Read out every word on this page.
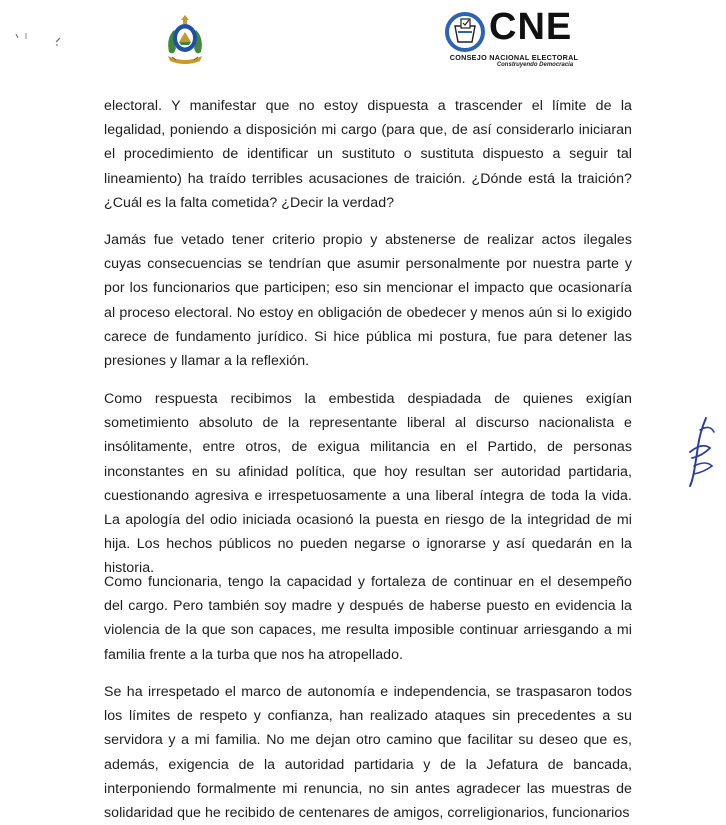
CNE
CONSEJO NACIONAL ELECTORAL
Construyendo Democracia

electoral. Y manifestar que no estoy dispuesta a trascender el límite de la legalidad, poniendo a disposición mi cargo (para que, de así considerarlo iniciaran el procedimiento de identificar un sustituto o sustituta dispuesto a seguir tal lineamiento) ha traído terribles acusaciones de traición. ¿Dónde está la traición? ¿Cuál es la falta cometida? ¿Decir la verdad?

Jamás fue vetado tener criterio propio y abstenerse de realizar actos ilegales cuyas consecuencias se tendrían que asumir personalmente por nuestra parte y por los funcionarios que participen; eso sin mencionar el impacto que ocasionaría al proceso electoral. No estoy en obligación de obedecer y menos aún si lo exigido carece de fundamento jurídico. Si hice pública mi postura, fue para detener las presiones y llamar a la reflexión.

Como respuesta recibimos la embestida despiadada de quienes exigían sometimiento absoluto de la representante liberal al discurso nacionalista e insólitamente, entre otros, de exigua militancia en el Partido, de personas inconstantes en su afinidad política, que hoy resultan ser autoridad partidaria, cuestionando agresiva e irrespetuosamente a una liberal íntegra de toda la vida. La apología del odio iniciada ocasionó la puesta en riesgo de la integridad de mi hija. Los hechos públicos no pueden negarse o ignorarse y así quedarán en la historia.

Como funcionaria, tengo la capacidad y fortaleza de continuar en el desempeño del cargo. Pero también soy madre y después de haberse puesto en evidencia la violencia de la que son capaces, me resulta imposible continuar arriesgando a mi familia frente a la turba que nos ha atropellado.

Se ha irrespetado el marco de autonomía e independencia, se traspasaron todos los límites de respeto y confianza, han realizado ataques sin precedentes a su servidora y a mi familia. No me dejan otro camino que facilitar su deseo que es, además, exigencia de la autoridad partidaria y de la Jefatura de bancada, interponiendo formalmente mi renuncia, no sin antes agradecer las muestras de solidaridad que he recibido de centenares de amigos, correligionarios, funcionarios
